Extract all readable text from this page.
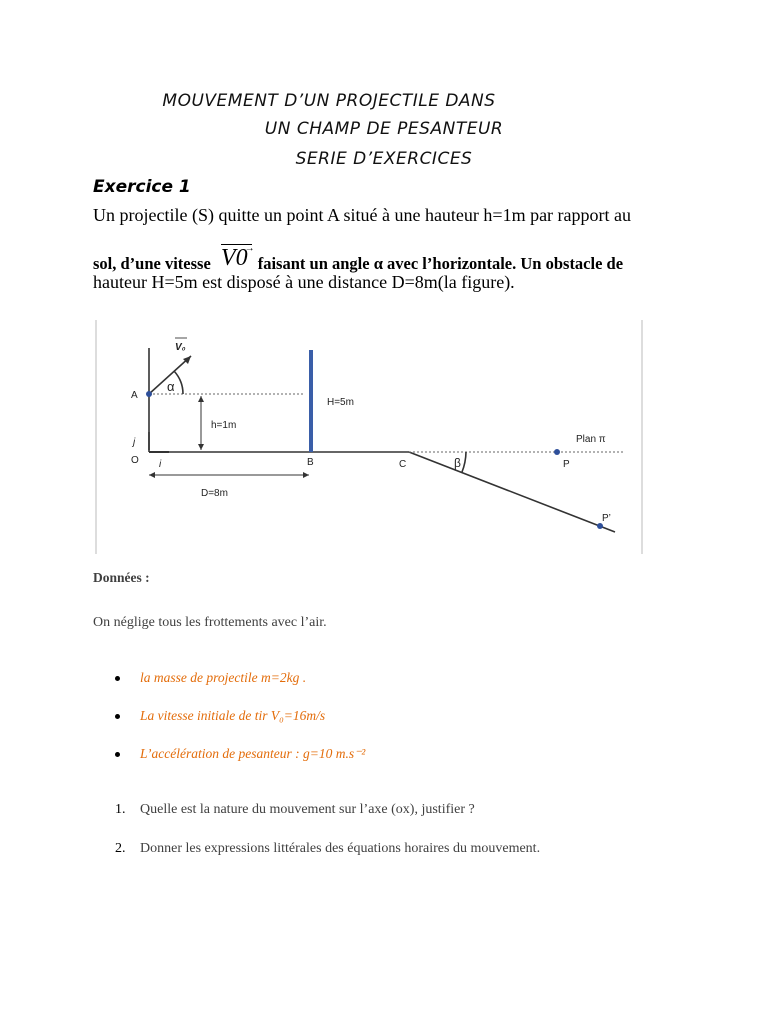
MOUVEMENT D’UN PROJECTILE DANS
UN CHAMP DE PESANTEUR
SERIE D’EXERCICES
Exercice 1
Un projectile (S) quitte un point A situé à une hauteur h=1m par rapport au
sol, d’une vitesse
→
V0 faisant un angle α avec l’horizontale. Un obstacle de
hauteur H=5m est disposé à une distance D=8m(la figure).
V₀
α
A
j
O i
h=1m
H=5m
B	C	β	P
Plan π
P’
D=8m
Données :
On néglige tous les frottements avec l’air.
la masse de projectile m=2kg .
La vitesse initiale de tir V₀=16m/s
L’accélération de pesanteur : g=10 m.s⁻²
1. Quelle est la nature du mouvement sur l’axe (ox), justifier ?
2. Donner les expressions littérales des équations horaires du mouvement.
